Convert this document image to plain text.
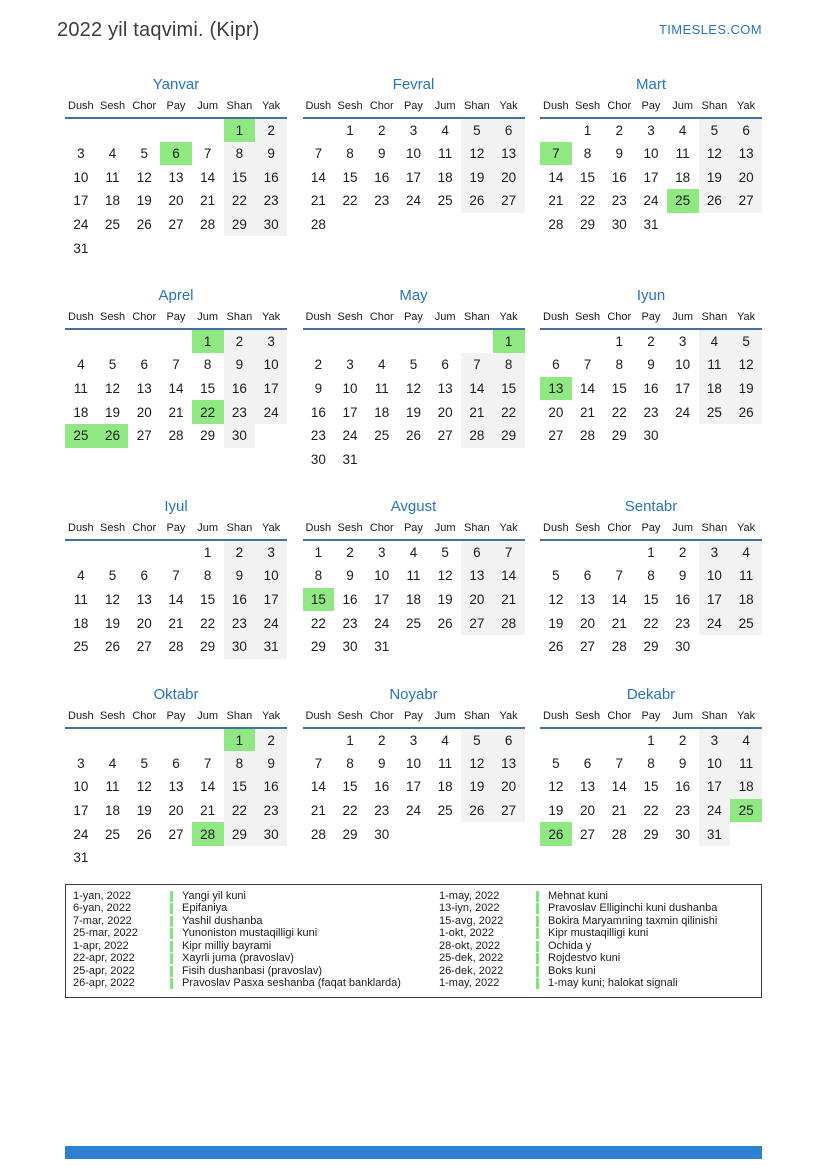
2022 yil taqvimi. (Kipr)	TIMESLES.COM
Yanvar
Dush	Sesh	Chor	Pay	Jum	Shan	Yak
					1	2
3	4	5	6	7	8	9
10	11	12	13	14	15	16
17	18	19	20	21	22	23
24	25	26	27	28	29	30
31						
Fevral
Dush	Sesh	Chor	Pay	Jum	Shan	Yak
	1	2	3	4	5	6
7	8	9	10	11	12	13
14	15	16	17	18	19	20
21	22	23	24	25	26	27
28						
Mart
Dush	Sesh	Chor	Pay	Jum	Shan	Yak
	1	2	3	4	5	6
7	8	9	10	11	12	13
14	15	16	17	18	19	20
21	22	23	24	25	26	27
28	29	30	31			
Aprel
Dush	Sesh	Chor	Pay	Jum	Shan	Yak
				1	2	3
4	5	6	7	8	9	10
11	12	13	14	15	16	17
18	19	20	21	22	23	24
25	26	27	28	29	30	
May
Dush	Sesh	Chor	Pay	Jum	Shan	Yak
						1
2	3	4	5	6	7	8
9	10	11	12	13	14	15
16	17	18	19	20	21	22
23	24	25	26	27	28	29
30	31					
Iyun
Dush	Sesh	Chor	Pay	Jum	Shan	Yak
		1	2	3	4	5
6	7	8	9	10	11	12
13	14	15	16	17	18	19
20	21	22	23	24	25	26
27	28	29	30			
Iyul
Dush	Sesh	Chor	Pay	Jum	Shan	Yak
				1	2	3
4	5	6	7	8	9	10
11	12	13	14	15	16	17
18	19	20	21	22	23	24
25	26	27	28	29	30	31
Avgust
Dush	Sesh	Chor	Pay	Jum	Shan	Yak
1	2	3	4	5	6	7
8	9	10	11	12	13	14
15	16	17	18	19	20	21
22	23	24	25	26	27	28
29	30	31				
Sentabr
Dush	Sesh	Chor	Pay	Jum	Shan	Yak
			1	2	3	4
5	6	7	8	9	10	11
12	13	14	15	16	17	18
19	20	21	22	23	24	25
26	27	28	29	30		
Oktabr
Dush	Sesh	Chor	Pay	Jum	Shan	Yak
					1	2
3	4	5	6	7	8	9
10	11	12	13	14	15	16
17	18	19	20	21	22	23
24	25	26	27	28	29	30
31						
Noyabr
Dush	Sesh	Chor	Pay	Jum	Shan	Yak
	1	2	3	4	5	6
7	8	9	10	11	12	13
14	15	16	17	18	19	20
21	22	23	24	25	26	27
28	29	30				
Dekabr
Dush	Sesh	Chor	Pay	Jum	Shan	Yak
			1	2	3	4
5	6	7	8	9	10	11
12	13	14	15	16	17	18
19	20	21	22	23	24	25
26	27	28	29	30	31	
1-yan, 2022	Yangi yil kuni
6-yan, 2022	Epifaniya
7-mar, 2022	Yashil dushanba
25-mar, 2022	Yunoniston mustaqilligi kuni
1-apr, 2022	Kipr milliy bayrami
22-apr, 2022	Xayrli juma (pravoslav)
25-apr, 2022	Fisih dushanbasi (pravoslav)
26-apr, 2022	Pravoslav Pasxa seshanba (faqat banklarda)
1-may, 2022	Mehnat kuni
13-iyn, 2022	Pravoslav Elliginchi kuni dushanba
15-avg, 2022	Bokira Maryamning taxmin qilinishi
1-okt, 2022	Kipr mustaqilligi kuni
28-okt, 2022	Ochida y
25-dek, 2022	Rojdestvo kuni
26-dek, 2022	Boks kuni
1-may, 2022	1-may kuni; halokat signali
